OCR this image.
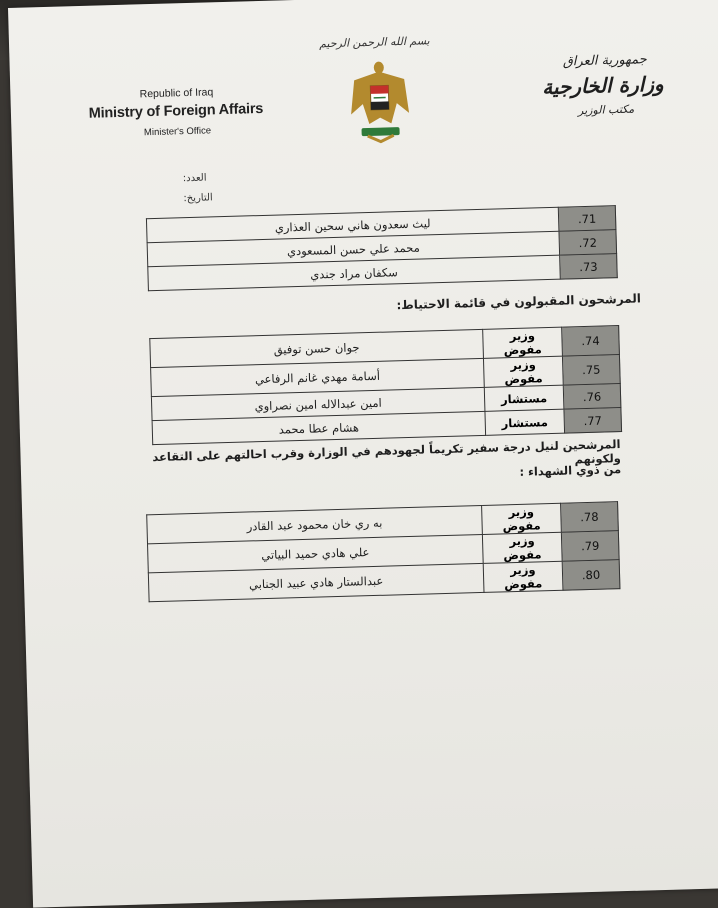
بسم الله الرحمن الرحيم
Republic of Iraq
Ministry of Foreign Affairs
Minister's Office
جمهورية العراق
وزارة الخارجية
مكتب الوزير
العدد:
التاريخ:
ليث سعدون هاني سحين العذاري	.71
محمد علي حسن المسعودي	.72
سكفان مراد جندي	.73
المرشحون المقبولون في قائمة الاحتياط:
جوان حسن توفيق	وزير مفوض	.74
أسامة مهدي غانم الرفاعي	وزير مفوض	.75
امين عبدالاله امين نصراوي	مستشار	.76
هشام عطا محمد	مستشار	.77
المرشحين لنيل درجة سفير تكريماً لجهودهم في الوزارة وقرب احالتهم على التقاعد ولكونهم
من ذوي الشهداء :
به ري خان محمود عبد القادر	وزير مفوض	.78
علي هادي حميد البياتي	وزير مفوض	.79
عبدالستار هادي عبيد الجنابي	وزير مفوض	.80
